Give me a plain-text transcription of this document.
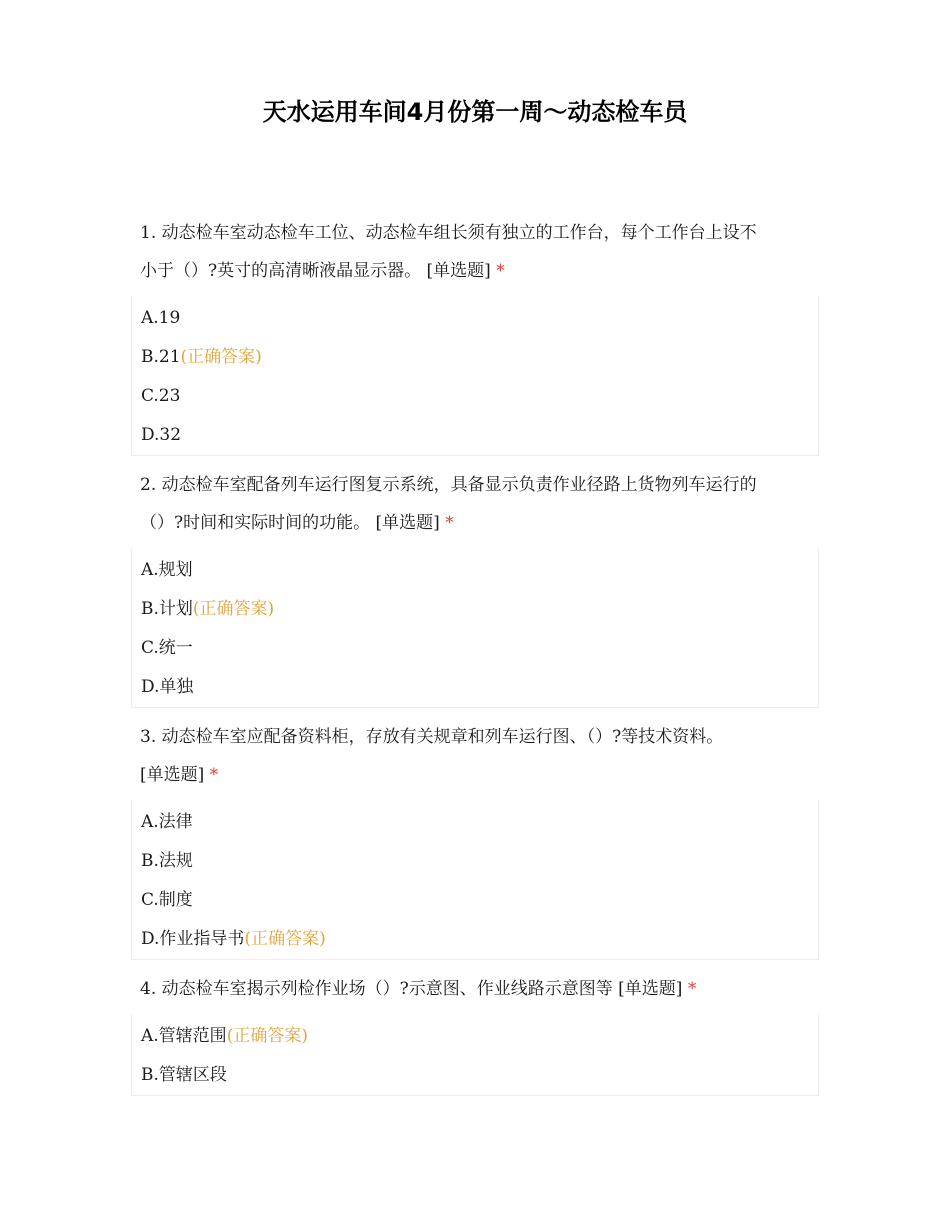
天水运用车间4月份第一周～动态检车员

1. 动态检车室动态检车工位、动态检车组长须有独立的工作台，每个工作台上设不
小于（）?英寸的高清晰液晶显示器。 [单选题] *

A.19
B.21(正确答案)
C.23
D.32

2. 动态检车室配备列车运行图复示系统，具备显示负责作业径路上货物列车运行的
（）?时间和实际时间的功能。 [单选题] *

A.规划
B.计划(正确答案)
C.统一
D.单独

3. 动态检车室应配备资料柜，存放有关规章和列车运行图、（）?等技术资料。
[单选题] *

A.法律
B.法规
C.制度
D.作业指导书(正确答案)

4. 动态检车室揭示列检作业场（）?示意图、作业线路示意图等 [单选题] *

A.管辖范围(正确答案)
B.管辖区段
